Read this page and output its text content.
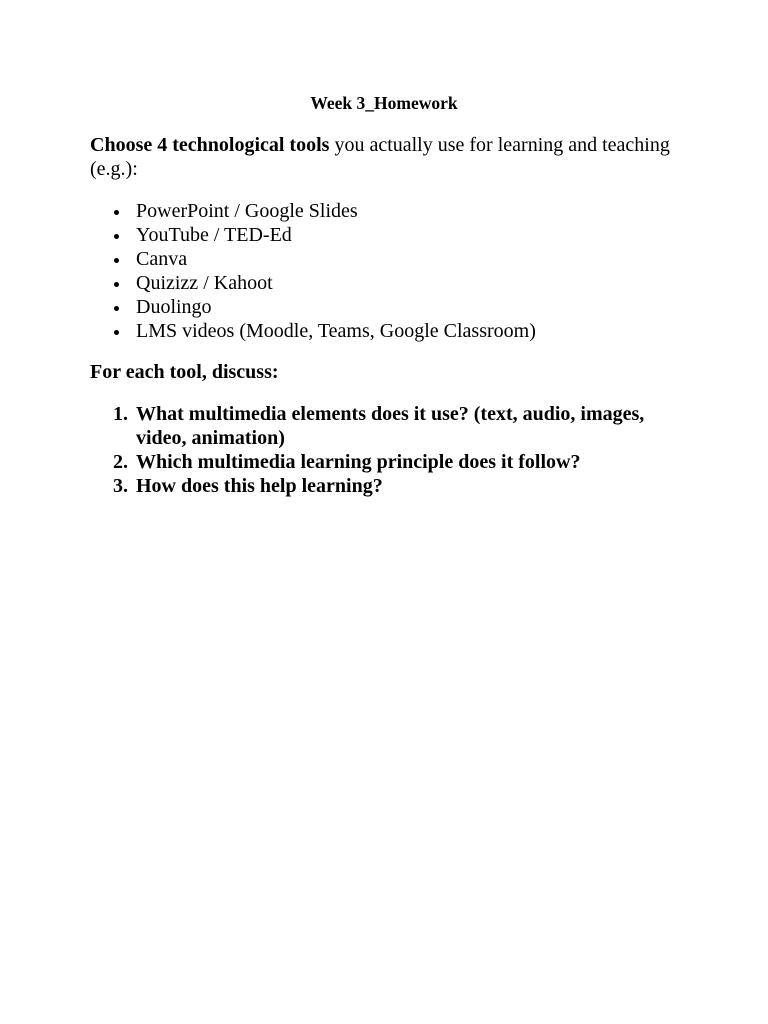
Week 3_Homework

Choose 4 technological tools you actually use for learning and teaching (e.g.):

PowerPoint / Google Slides
YouTube / TED-Ed
Canva
Quizizz / Kahoot
Duolingo
LMS videos (Moodle, Teams, Google Classroom)

For each tool, discuss:

1. What multimedia elements does it use? (text, audio, images, video, animation)
2. Which multimedia learning principle does it follow?
3. How does this help learning?
